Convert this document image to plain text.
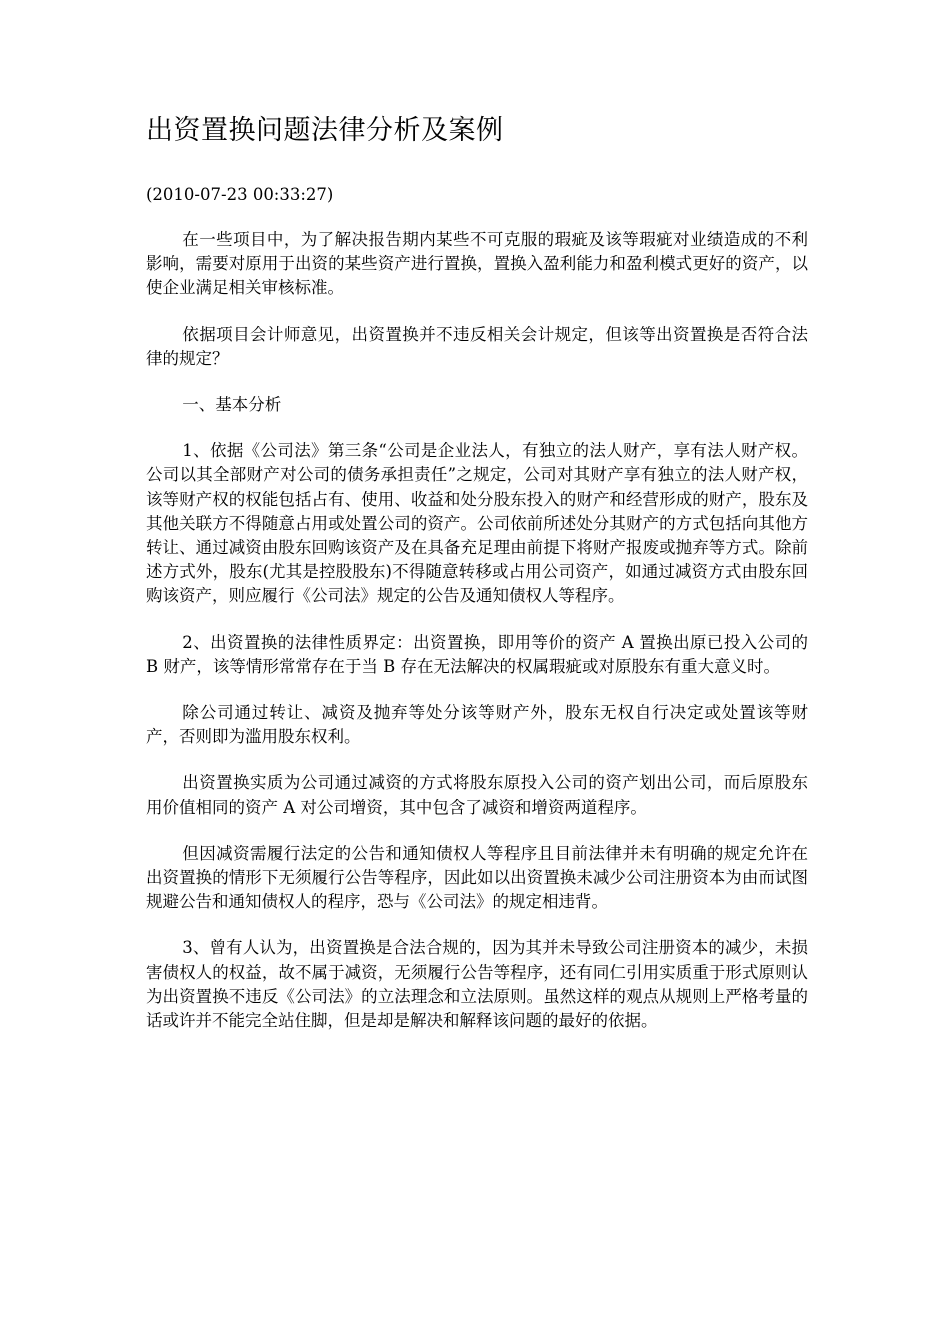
出资置换问题法律分析及案例

(2010-07-23 00:33:27)

在一些项目中，为了解决报告期内某些不可克服的瑕疵及该等瑕疵对业绩造成的不利影响，需要对原用于出资的某些资产进行置换，置换入盈利能力和盈利模式更好的资产，以使企业满足相关审核标准。

依据项目会计师意见，出资置换并不违反相关会计规定，但该等出资置换是否符合法律的规定？

一、基本分析

1、依据《公司法》第三条“公司是企业法人，有独立的法人财产，享有法人财产权。公司以其全部财产对公司的债务承担责任”之规定，公司对其财产享有独立的法人财产权，该等财产权的权能包括占有、使用、收益和处分股东投入的财产和经营形成的财产，股东及其他关联方不得随意占用或处置公司的资产。公司依前所述处分其财产的方式包括向其他方转让、通过减资由股东回购该资产及在具备充足理由前提下将财产报废或抛弃等方式。除前述方式外，股东(尤其是控股股东)不得随意转移或占用公司资产，如通过减资方式由股东回购该资产，则应履行《公司法》规定的公告及通知债权人等程序。

2、出资置换的法律性质界定：出资置换，即用等价的资产 A 置换出原已投入公司的 B 财产，该等情形常常存在于当 B 存在无法解决的权属瑕疵或对原股东有重大意义时。

除公司通过转让、减资及抛弃等处分该等财产外，股东无权自行决定或处置该等财产，否则即为滥用股东权利。

出资置换实质为公司通过减资的方式将股东原投入公司的资产划出公司，而后原股东用价值相同的资产 A 对公司增资，其中包含了减资和增资两道程序。

但因减资需履行法定的公告和通知债权人等程序且目前法律并未有明确的规定允许在出资置换的情形下无须履行公告等程序，因此如以出资置换未减少公司注册资本为由而试图规避公告和通知债权人的程序，恐与《公司法》的规定相违背。

3、曾有人认为，出资置换是合法合规的，因为其并未导致公司注册资本的减少，未损害债权人的权益，故不属于减资，无须履行公告等程序，还有同仁引用实质重于形式原则认为出资置换不违反《公司法》的立法理念和立法原则。虽然这样的观点从规则上严格考量的话或许并不能完全站住脚，但是却是解决和解释该问题的最好的依据。
